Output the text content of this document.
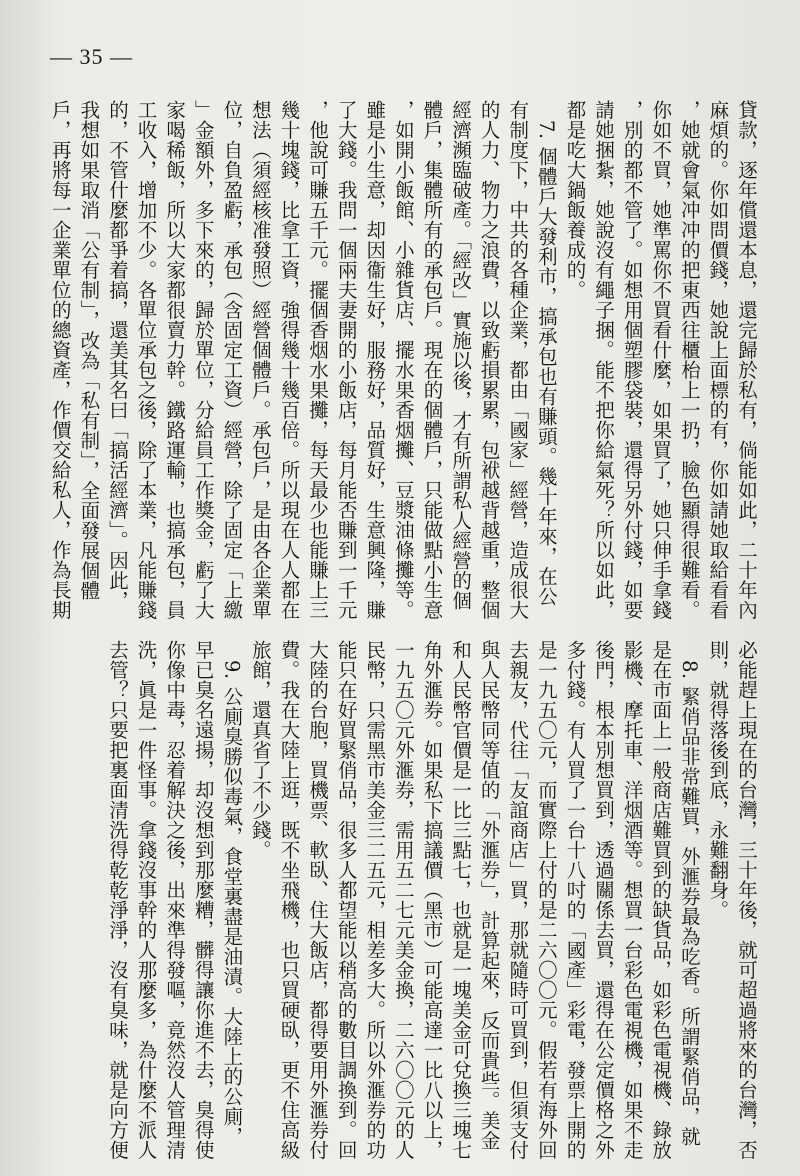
— 35 —
貸款，逐年償還本息，還完歸於私有，倘能如此，二十年內
麻煩的。你如問價錢，她說上面標的有，你如請她取給看看
，她就會氣冲冲的把東西往櫃枱上一扔，臉色顯得很難看。
你如不買，她準罵你不買看什麼，如果買了，她只伸手拿錢
，別的都不管了。如想用個塑膠袋裝，還得另外付錢，如要
請她捆紮，她說沒有繩子捆。能不把你給氣死？所以如此，
都是吃大鍋飯養成的。
　7. 個體戶大發利市，搞承包也有賺頭。幾十年來，在公
有制度下，中共的各種企業，都由「國家」經營，造成很大
的人力、物力之浪費，以致虧損累累，包袱越背越重，整個
經濟瀕臨破產。「經改」實施以後，才有所謂私人經營的個
體戶，集體所有的承包戶。現在的個體戶，只能做點小生意
，如開小飯館、小雜貨店、擺水果香烟攤、豆漿油條攤等。
雖是小生意，却因衞生好，服務好，品質好，生意興隆，賺
了大錢。我問一個兩夫妻開的小飯店，每月能否賺到一千元
，他說可賺五千元。擺個香烟水果攤，每天最少也能賺上三
幾十塊錢，比拿工資，強得幾十幾百倍。所以現在人人都在
想法（須經核准發照）經營個體戶。承包戶，是由各企業單
位，自負盈虧，承包（含固定工資）經營，除了固定「上繳
」金額外，多下來的，歸於單位，分給員工作獎金，虧了大
家喝稀飯，所以大家都很賣力幹。鐵路運輸，也搞承包，員
工收入，增加不少。各單位承包之後，除了本業，凡能賺錢
的，不管什麼都爭着搞，還美其名曰「搞活經濟」。因此，
我想如果取消「公有制」，改為「私有制」，全面發展個體
戶，再將每一企業單位的總資產，作價交給私人，作為長期
必能趕上現在的台灣，三十年後，就可超過將來的台灣，否
則，就得落後到底，永難翻身。
　8. 緊俏品非常難買，外滙券最為吃香。所謂緊俏品，就
是在市面上一般商店難買到的缺貨品，如彩色電視機、錄放
影機、摩托車、洋烟酒等。想買一台彩色電視機，如果不走
後門，根本別想買到，透過關係去買，還得在公定價格之外
多付錢。有人買了一台十八吋的「國產」彩電，發票上開的
是一九五〇元，而實際上付的是二六〇〇元。假若有海外回
去親友，代往「友誼商店」買，那就隨時可買到，但須支付
與人民幣同等值的「外滙券」，計算起來，反而貴些。美金
和人民幣官價是一比三點七，也就是一塊美金可兌換三塊七
角外滙券。如果私下搞議價（黑市）可能高達一比八以上，
一九五〇元外滙券，需用五二七元美金換，二六〇〇元的人
民幣，只需黑市美金三二五元，相差多大。所以外滙券的功
能只在好買緊俏品，很多人都望能以稍高的數目調換到。回
大陸的台胞，買機票、軟臥、住大飯店，都得要用外滙券付
費。我在大陸上逛，既不坐飛機，也只買硬臥，更不住高級
旅館，還真省了不少錢。
　9. 公廁臭勝似毒氣，食堂裏盡是油漬。大陸上的公廁，
早已臭名遠揚，却沒想到那麼糟，髒得讓你進不去，臭得使
你像中毒，忍着解決之後，出來準得發嘔，竟然沒人管理清
洗，眞是一件怪事。拿錢沒事幹的人那麼多，為什麼不派人
去管？只要把裏面清洗得乾乾淨淨，沒有臭味，就是向方便
